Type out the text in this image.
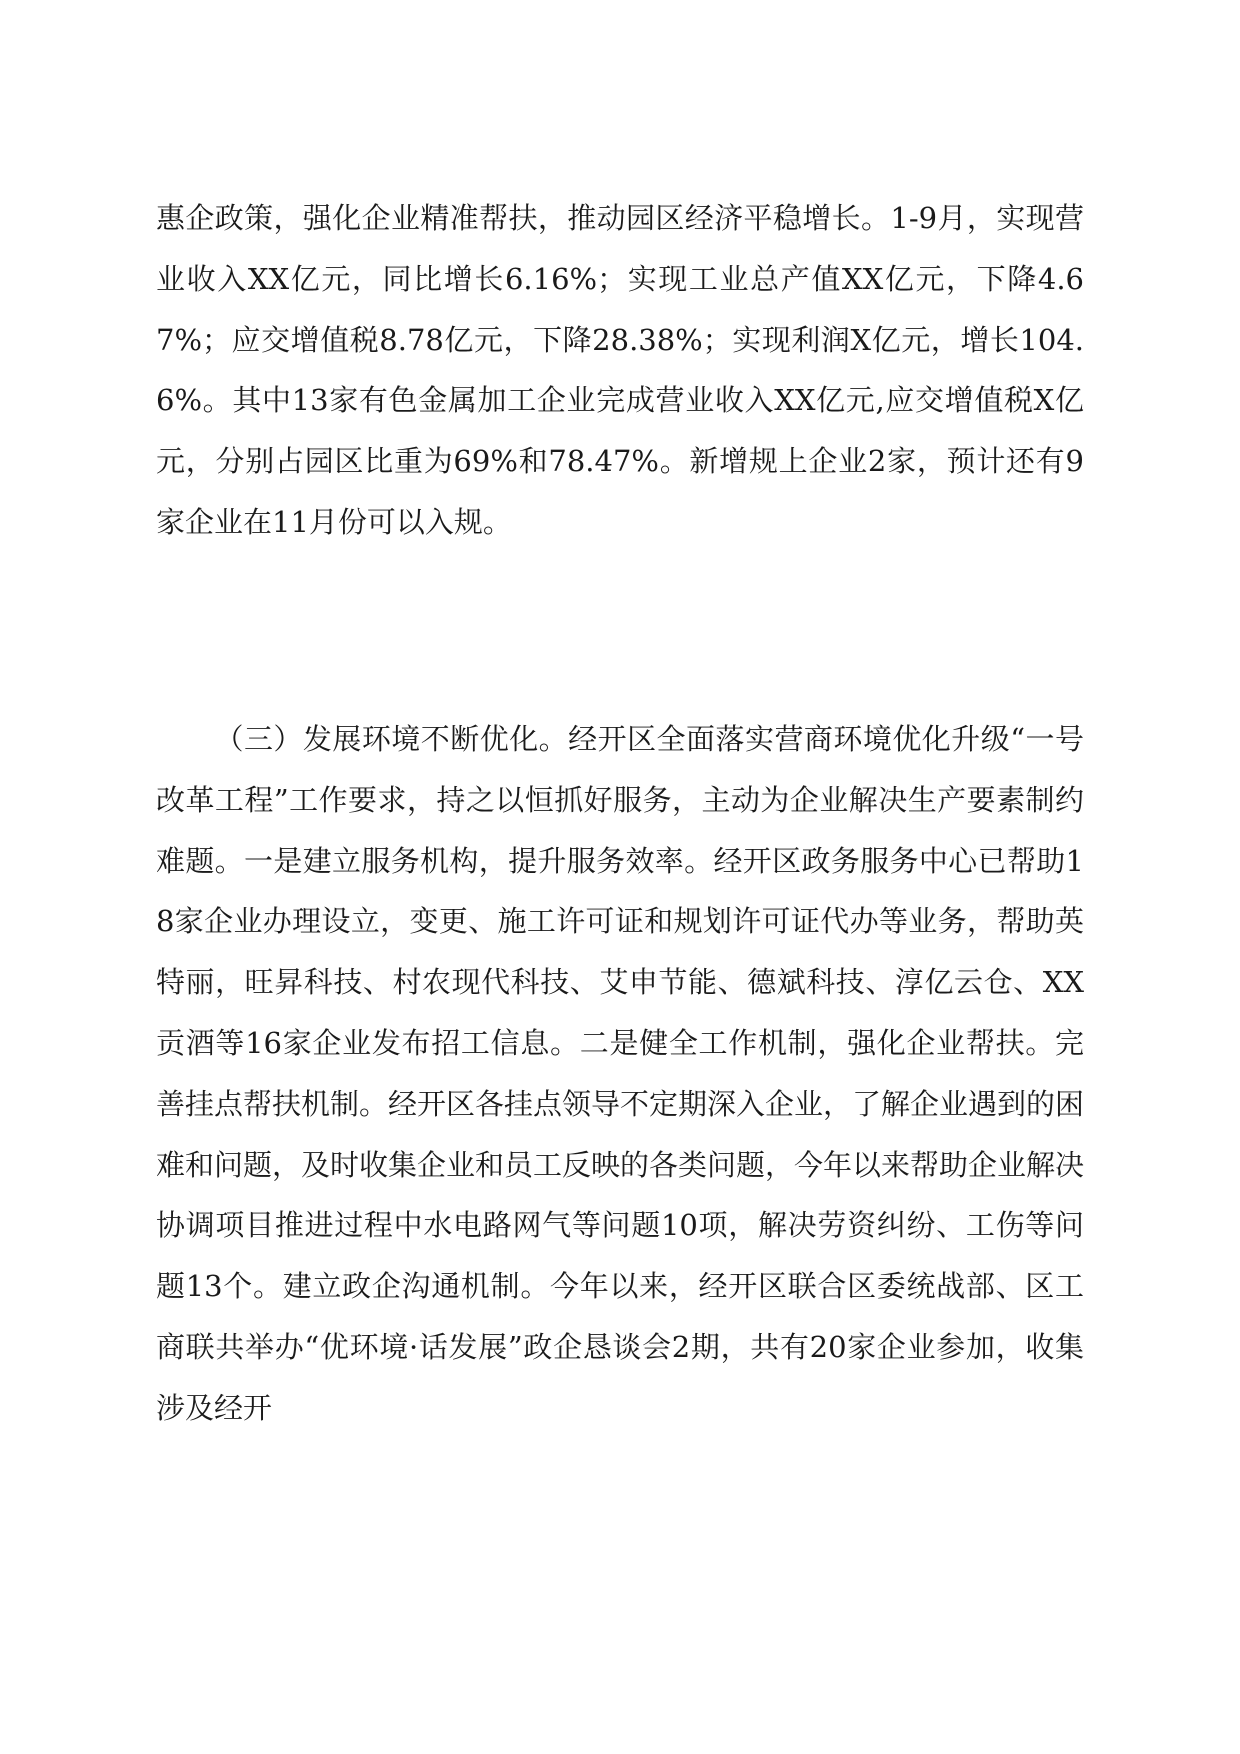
惠企政策，强化企业精准帮扶，推动园区经济平稳增长。1-9月，实现营业收入XX亿元，同比增长6.16%；实现工业总产值XX亿元，下降4.67%；应交增值税8.78亿元，下降28.38%；实现利润X亿元，增长104.6%。其中13家有色金属加工企业完成营业收入XX亿元,应交增值税X亿元，分别占园区比重为69%和78.47%。新增规上企业2家，预计还有9家企业在11月份可以入规。

（三）发展环境不断优化。经开区全面落实营商环境优化升级“一号改革工程”工作要求，持之以恒抓好服务，主动为企业解决生产要素制约难题。一是建立服务机构，提升服务效率。经开区政务服务中心已帮助18家企业办理设立，变更、施工许可证和规划许可证代办等业务，帮助英特丽，旺昇科技、村农现代科技、艾申节能、德斌科技、淳亿云仓、XX贡酒等16家企业发布招工信息。二是健全工作机制，强化企业帮扶。完善挂点帮扶机制。经开区各挂点领导不定期深入企业，了解企业遇到的困难和问题，及时收集企业和员工反映的各类问题，今年以来帮助企业解决协调项目推进过程中水电路网气等问题10项，解决劳资纠纷、工伤等问题13个。建立政企沟通机制。今年以来，经开区联合区委统战部、区工商联共举办“优环境·话发展”政企恳谈会2期，共有20家企业参加，收集涉及经开
